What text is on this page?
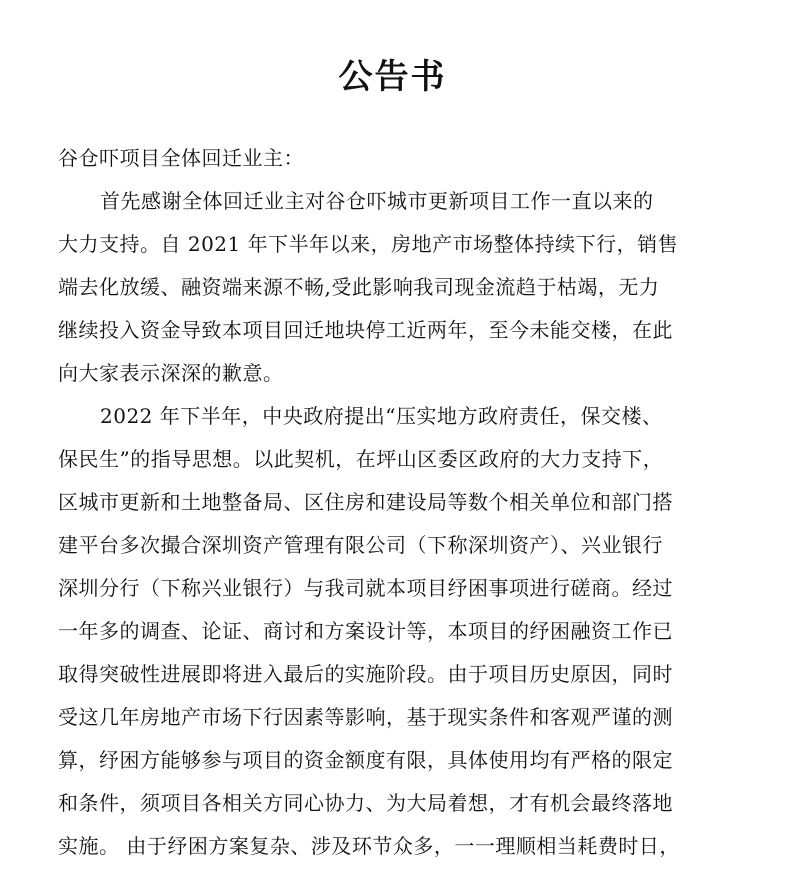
公告书
谷仓吓项目全体回迁业主：
首先感谢全体回迁业主对谷仓吓城市更新项目工作一直以来的
大力支持。自 2021 年下半年以来，房地产市场整体持续下行，销售
端去化放缓、融资端来源不畅,受此影响我司现金流趋于枯竭，无力
继续投入资金导致本项目回迁地块停工近两年，至今未能交楼，在此
向大家表示深深的歉意。
2022 年下半年，中央政府提出“压实地方政府责任，保交楼、
保民生”的指导思想。以此契机，在坪山区委区政府的大力支持下，
区城市更新和土地整备局、区住房和建设局等数个相关单位和部门搭
建平台多次撮合深圳资产管理有限公司（下称深圳资产）、兴业银行
深圳分行（下称兴业银行）与我司就本项目纾困事项进行磋商。经过
一年多的调查、论证、商讨和方案设计等，本项目的纾困融资工作已
取得突破性进展即将进入最后的实施阶段。由于项目历史原因，同时
受这几年房地产市场下行因素等影响，基于现实条件和客观严谨的测
算，纾困方能够参与项目的资金额度有限，具体使用均有严格的限定
和条件，须项目各相关方同心协力、为大局着想，才有机会最终落地
实施。 由于纾困方案复杂、涉及环节众多，一一理顺相当耗费时日，
